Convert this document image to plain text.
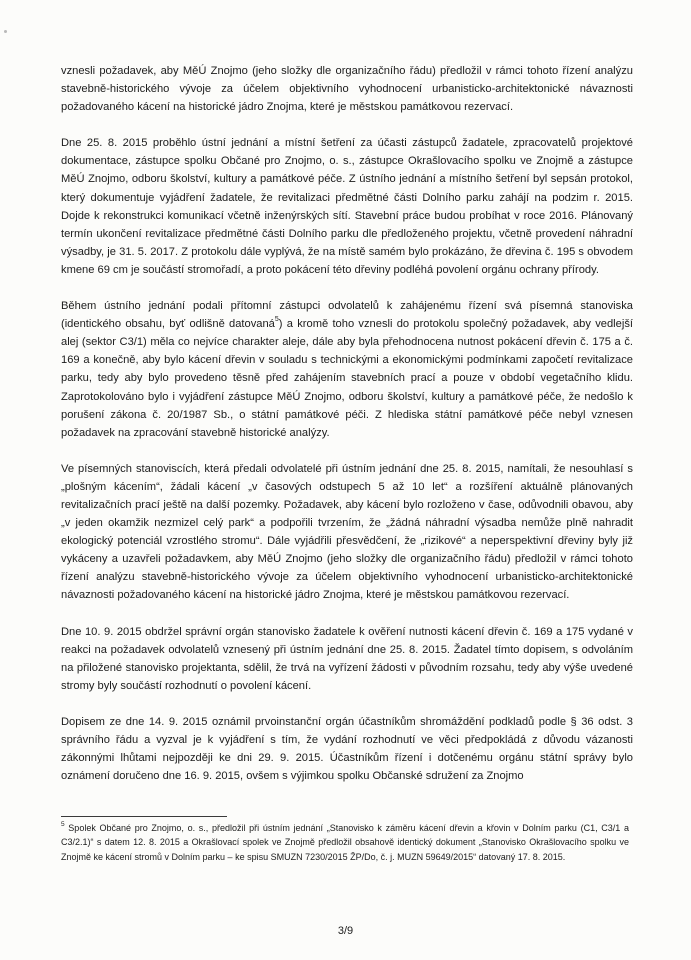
vznesli požadavek, aby MěÚ Znojmo (jeho složky dle organizačního řádu) předložil v rámci tohoto řízení analýzu stavebně-historického vývoje za účelem objektivního vyhodnocení urbanisticko-architektonické návaznosti požadovaného kácení na historické jádro Znojma, které je městskou památkovou rezervací.

Dne 25. 8. 2015 proběhlo ústní jednání a místní šetření za účasti zástupců žadatele, zpracovatelů projektové dokumentace, zástupce spolku Občané pro Znojmo, o. s., zástupce Okrašlovacího spolku ve Znojmě a zástupce MěÚ Znojmo, odboru školství, kultury a památkové péče. Z ústního jednání a místního šetření byl sepsán protokol, který dokumentuje vyjádření žadatele, že revitalizaci předmětné části Dolního parku zahájí na podzim r. 2015. Dojde k rekonstrukci komunikací včetně inženýrských sítí. Stavební práce budou probíhat v roce 2016. Plánovaný termín ukončení revitalizace předmětné části Dolního parku dle předloženého projektu, včetně provedení náhradní výsadby, je 31. 5. 2017. Z protokolu dále vyplývá, že na místě samém bylo prokázáno, že dřevina č. 195 s obvodem kmene 69 cm je součástí stromořadí, a proto pokácení této dřeviny podléhá povolení orgánu ochrany přírody.

Během ústního jednání podali přítomní zástupci odvolatelů k zahájenému řízení svá písemná stanoviska (identického obsahu, byť odlišně datovaná$^5$) a kromě toho vznesli do protokolu společný požadavek, aby vedlejší alej (sektor C3/1) měla co nejvíce charakter aleje, dále aby byla přehodnocena nutnost pokácení dřevin č. 175 a č. 169 a konečně, aby bylo kácení dřevin v souladu s technickými a ekonomickými podmínkami započetí revitalizace parku, tedy aby bylo provedeno těsně před zahájením stavebních prací a pouze v období vegetačního klidu. Zaprotokolováno bylo i vyjádření zástupce MěÚ Znojmo, odboru školství, kultury a památkové péče, že nedošlo k porušení zákona č. 20/1987 Sb., o státní památkové péči. Z hlediska státní památkové péče nebyl vznesen požadavek na zpracování stavebně historické analýzy.

Ve písemných stanoviscích, která předali odvolatelé při ústním jednání dne 25. 8. 2015, namítali, že nesouhlasí s „plošným kácením“, žádali kácení „v časových odstupech 5 až 10 let“ a rozšíření aktuálně plánovaných revitalizačních prací ještě na další pozemky. Požadavek, aby kácení bylo rozloženo v čase, odůvodnili obavou, aby „v jeden okamžik nezmizel celý park“ a podpořili tvrzením, že „žádná náhradní výsadba nemůže plně nahradit ekologický potenciál vzrostlého stromu“. Dále vyjádřili přesvědčení, že „rizikové“ a neperspektivní dřeviny byly již vykáceny a uzavřeli požadavkem, aby MěÚ Znojmo (jeho složky dle organizačního řádu) předložil v rámci tohoto řízení analýzu stavebně-historického vývoje za účelem objektivního vyhodnocení urbanisticko-architektonické návaznosti požadovaného kácení na historické jádro Znojma, které je městskou památkovou rezervací.

Dne 10. 9. 2015 obdržel správní orgán stanovisko žadatele k ověření nutnosti kácení dřevin č. 169 a 175 vydané v reakci na požadavek odvolatelů vznesený při ústním jednání dne 25. 8. 2015. Žadatel tímto dopisem, s odvoláním na přiložené stanovisko projektanta, sdělil, že trvá na vyřízení žádosti v původním rozsahu, tedy aby výše uvedené stromy byly součástí rozhodnutí o povolení kácení.

Dopisem ze dne 14. 9. 2015 oznámil prvoinstanční orgán účastníkům shromáždění podkladů podle § 36 odst. 3 správního řádu a vyzval je k vyjádření s tím, že vydání rozhodnutí ve věci předpokládá z důvodu vázanosti zákonnými lhůtami nejpozději ke dni 29. 9. 2015. Účastníkům řízení i dotčenému orgánu státní správy bylo oznámení doručeno dne 16. 9. 2015, ovšem s výjimkou spolku Občanské sdružení za Znojmo

$^5$ Spolek Občané pro Znojmo, o. s., předložil při ústním jednání „Stanovisko k záměru kácení dřevin a křovin v Dolním parku (C1, C3/1 a C3/2.1)“ s datem 12. 8. 2015 a Okrašlovací spolek ve Znojmě předložil obsahově identický dokument „Stanovisko Okrašlovacího spolku ve Znojmě ke kácení stromů v Dolním parku – ke spisu SMUZN 7230/2015 ŽP/Do, č. j. MUZN 59649/2015“ datovaný 17. 8. 2015.
3/9
